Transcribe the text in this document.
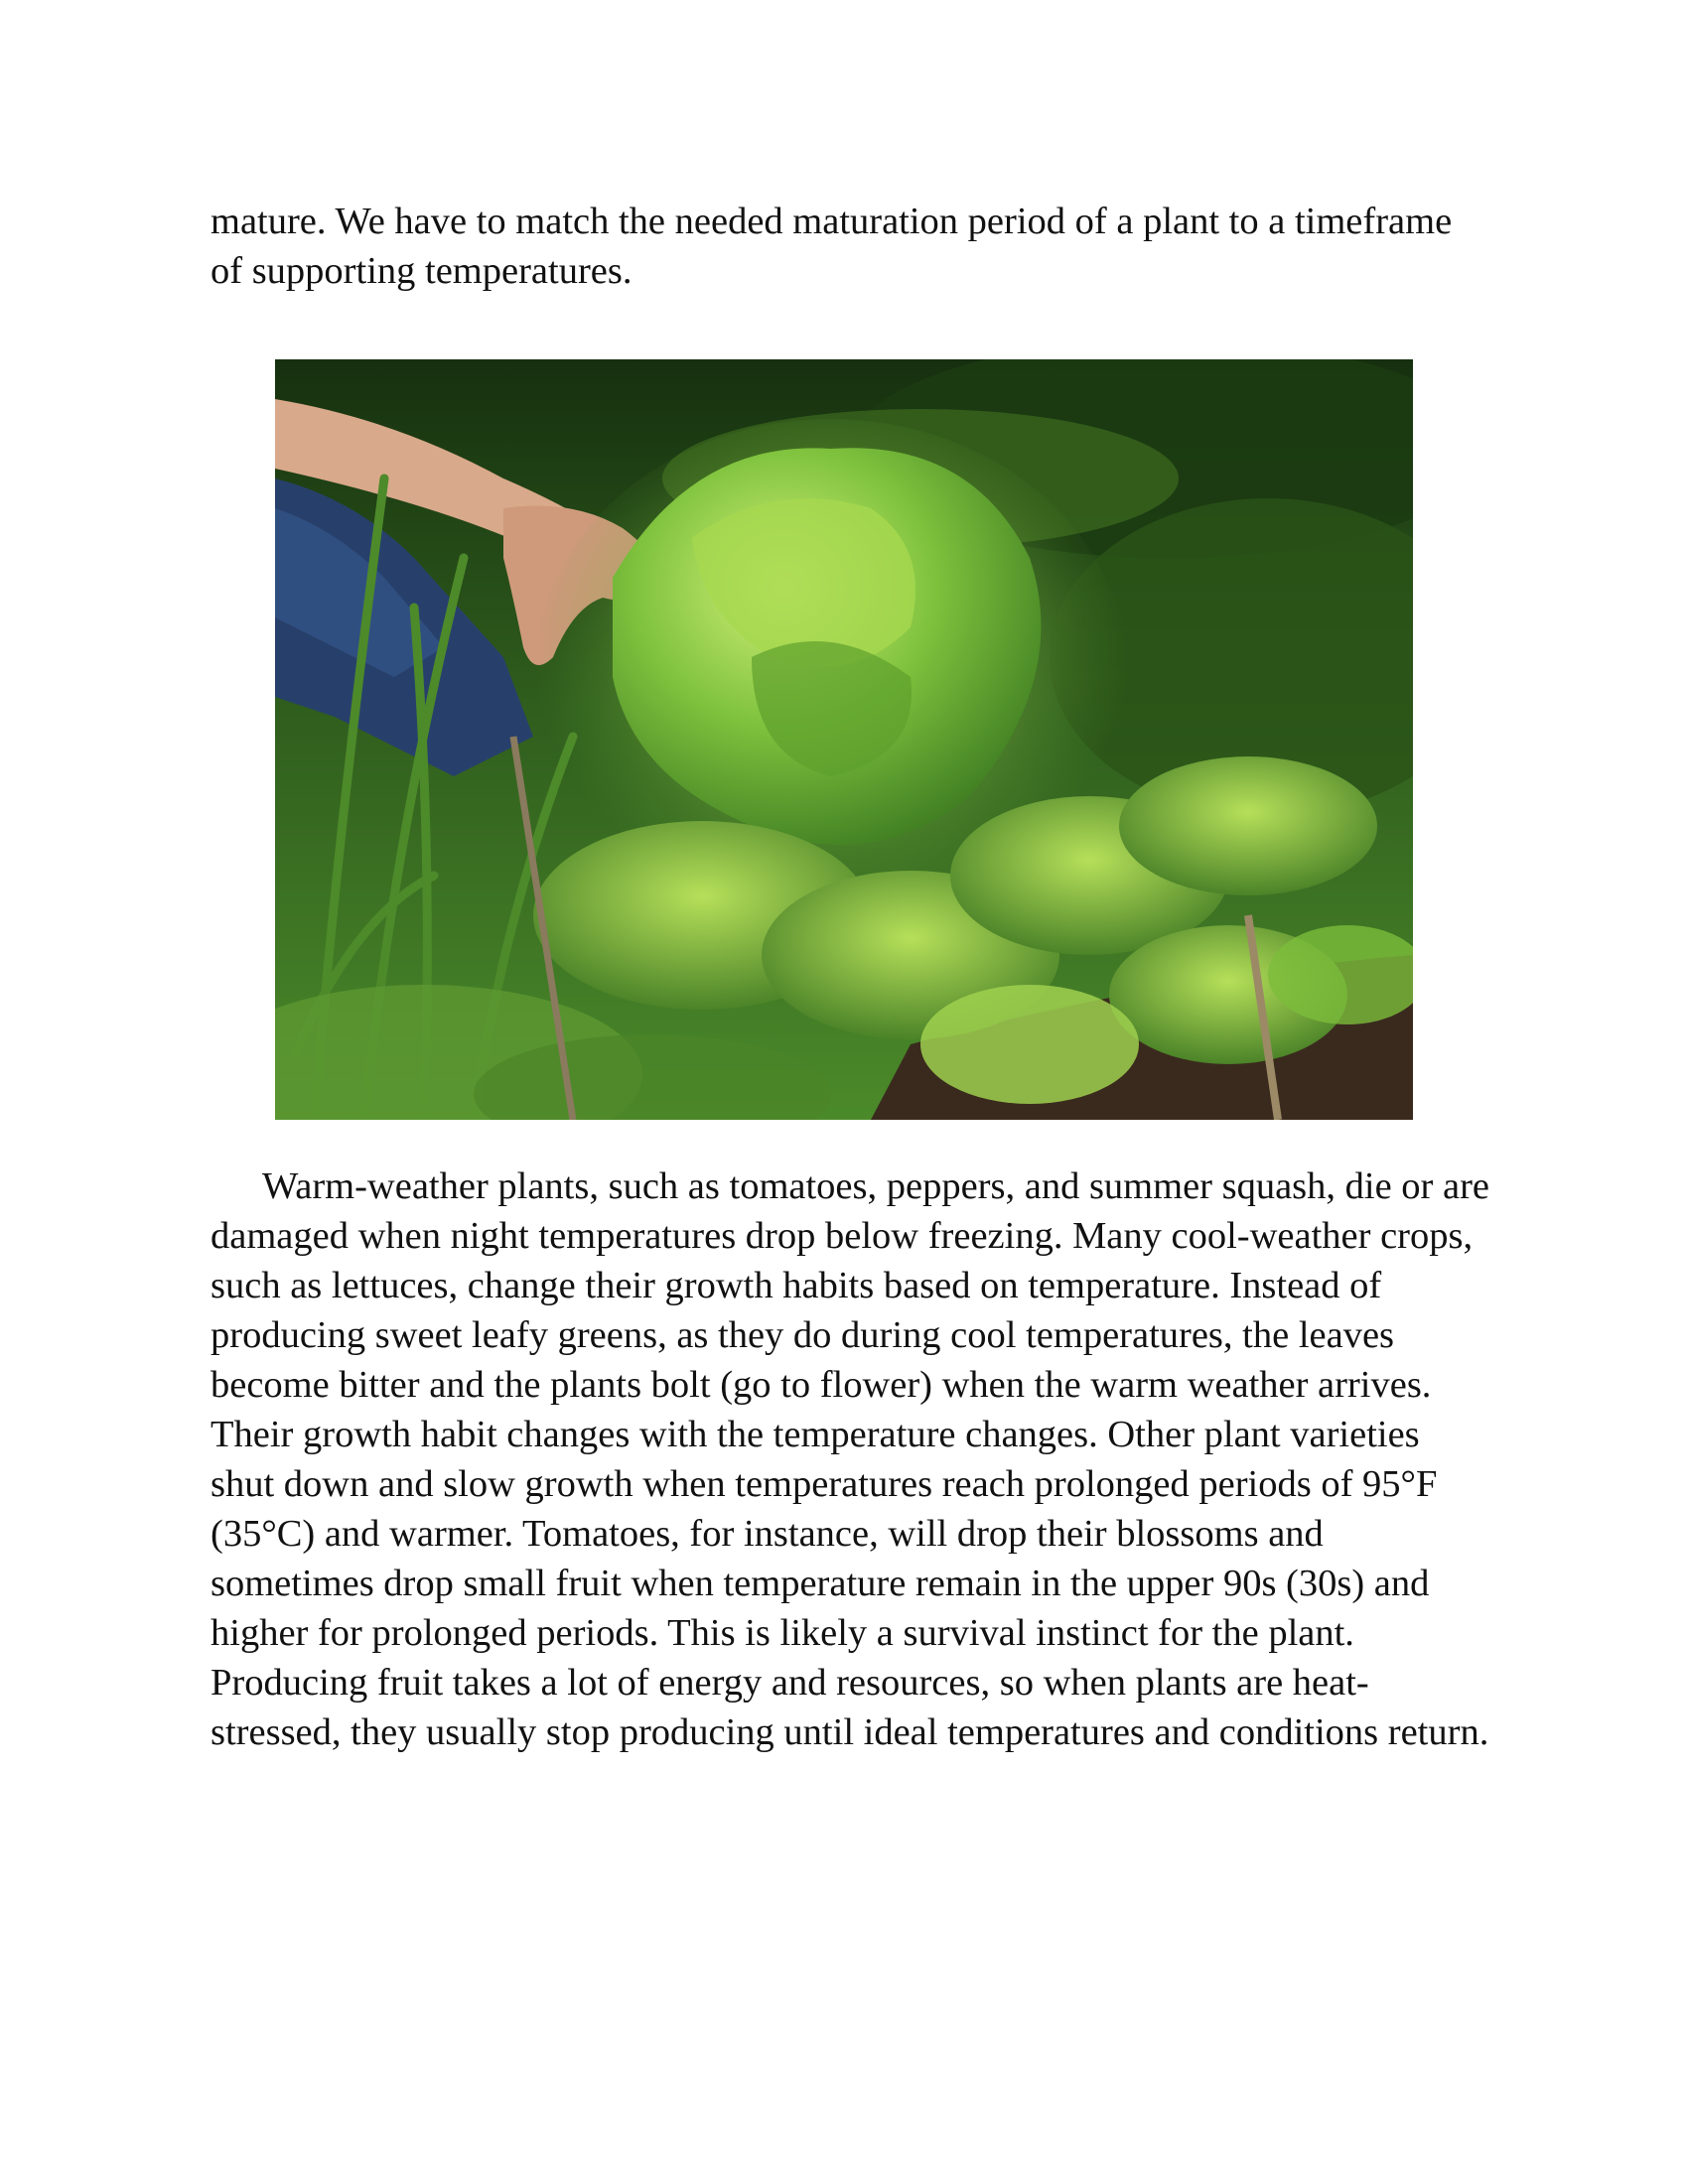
mature. We have to match the needed maturation period of a plant to a timeframe of supporting temperatures.

Warm-weather plants, such as tomatoes, peppers, and summer squash, die or are damaged when night temperatures drop below freezing. Many cool-weather crops, such as lettuces, change their growth habits based on temperature. Instead of producing sweet leafy greens, as they do during cool temperatures, the leaves become bitter and the plants bolt (go to flower) when the warm weather arrives. Their growth habit changes with the temperature changes. Other plant varieties shut down and slow growth when temperatures reach prolonged periods of 95°F (35°C) and warmer. Tomatoes, for instance, will drop their blossoms and sometimes drop small fruit when temperature remain in the upper 90s (30s) and higher for prolonged periods. This is likely a survival instinct for the plant. Producing fruit takes a lot of energy and resources, so when plants are heat-stressed, they usually stop producing until ideal temperatures and conditions return.
